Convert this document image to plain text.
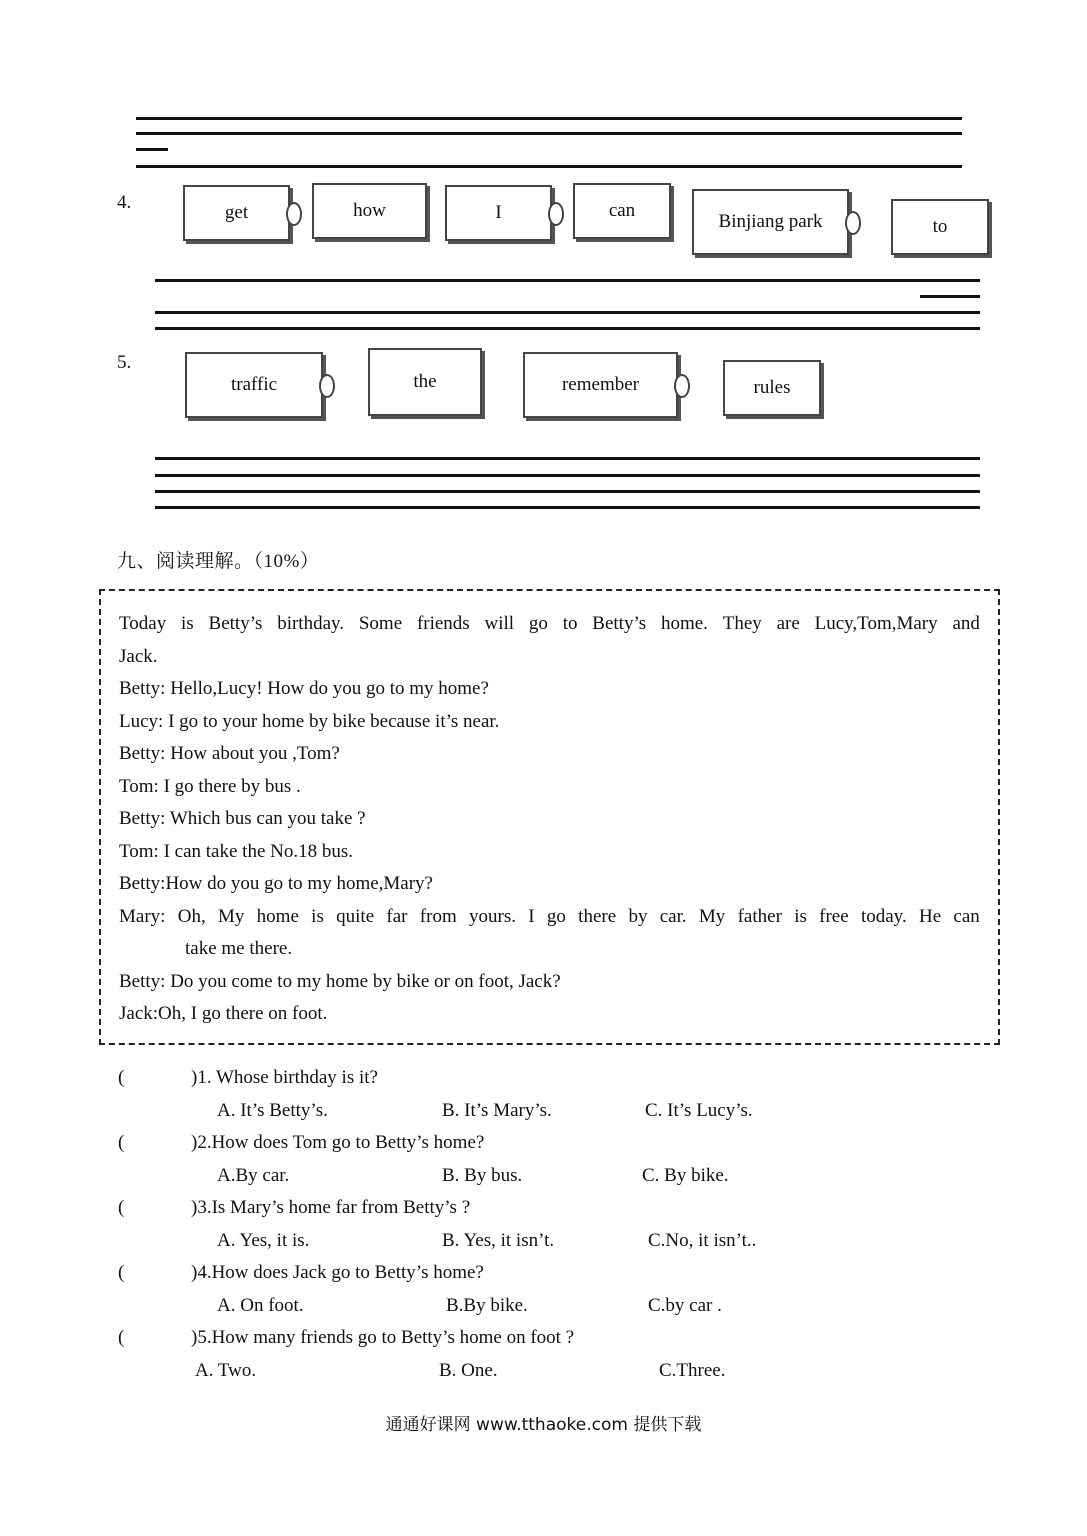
4.	get	how	I	can
Binjiang park	to
5.
traffic	the	remember	rules
九、阅读理解。（10%）
Today is Betty’s birthday. Some friends will go to Betty’s home. They are Lucy,Tom,Mary and
Jack.
Betty: Hello,Lucy! How do you go to my home?
Lucy: I go to your home by bike because it’s near.
Betty: How about you ,Tom?
Tom: I go there by bus .
Betty: Which bus can you take ?
Tom: I can take the No.18 bus.
Betty:How do you go to my home,Mary?
Mary: Oh, My home is quite far from yours. I go there by car. My father is free today. He can
take me there.
Betty: Do you come to my home by bike or on foot, Jack?
Jack:Oh, I go there on foot.
(	)1. Whose birthday is it?
A. It’s Betty’s.	B. It’s Mary’s.	C. It’s Lucy’s.
(	)2.How does Tom go to Betty’s home?
A.By car.	B. By bus.	C. By bike.
(	)3.Is Mary’s home far from Betty’s ?
A. Yes, it is.	B. Yes, it isn’t.	C.No, it isn’t..
(	)4.How does Jack go to Betty’s home?
A. On foot.	B.By bike.	C.by car .
(	)5.How many friends go to Betty’s home on foot ?
A. Two.	B. One.	C.Three.
通通好课网 www.tthaoke.com 提供下载
